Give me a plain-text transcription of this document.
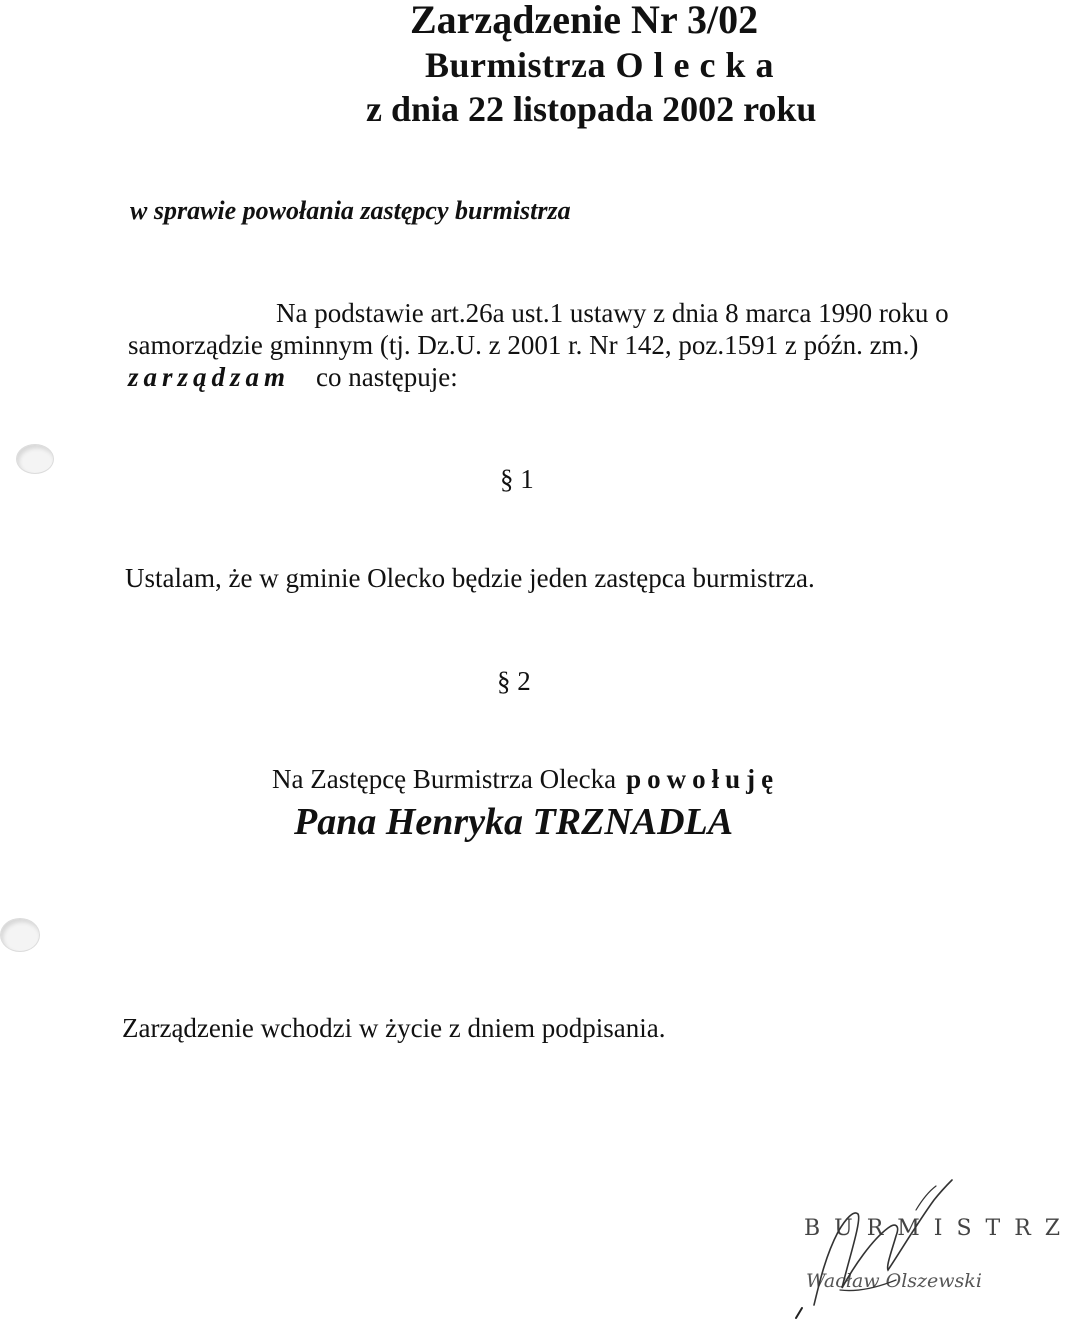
Zarządzenie Nr 3/02
Burmistrza O l e c k a
z dnia 22 listopada 2002 roku
w sprawie powołania zastępcy burmistrza
Na podstawie art.26a ust.1 ustawy z dnia 8 marca 1990 roku o
samorządzie gminnym (tj. Dz.U. z 2001 r. Nr 142, poz.1591 z późn. zm.)
zarządzam co następuje:
§ 1
Ustalam, że w gminie Olecko będzie jeden zastępca burmistrza.
§ 2
Na Zastępcę Burmistrza Olecka powołuję
Pana Henryka TRZNADLA
Zarządzenie wchodzi w życie z dniem podpisania.
BURMISTRZ
Wacław Olszewski
